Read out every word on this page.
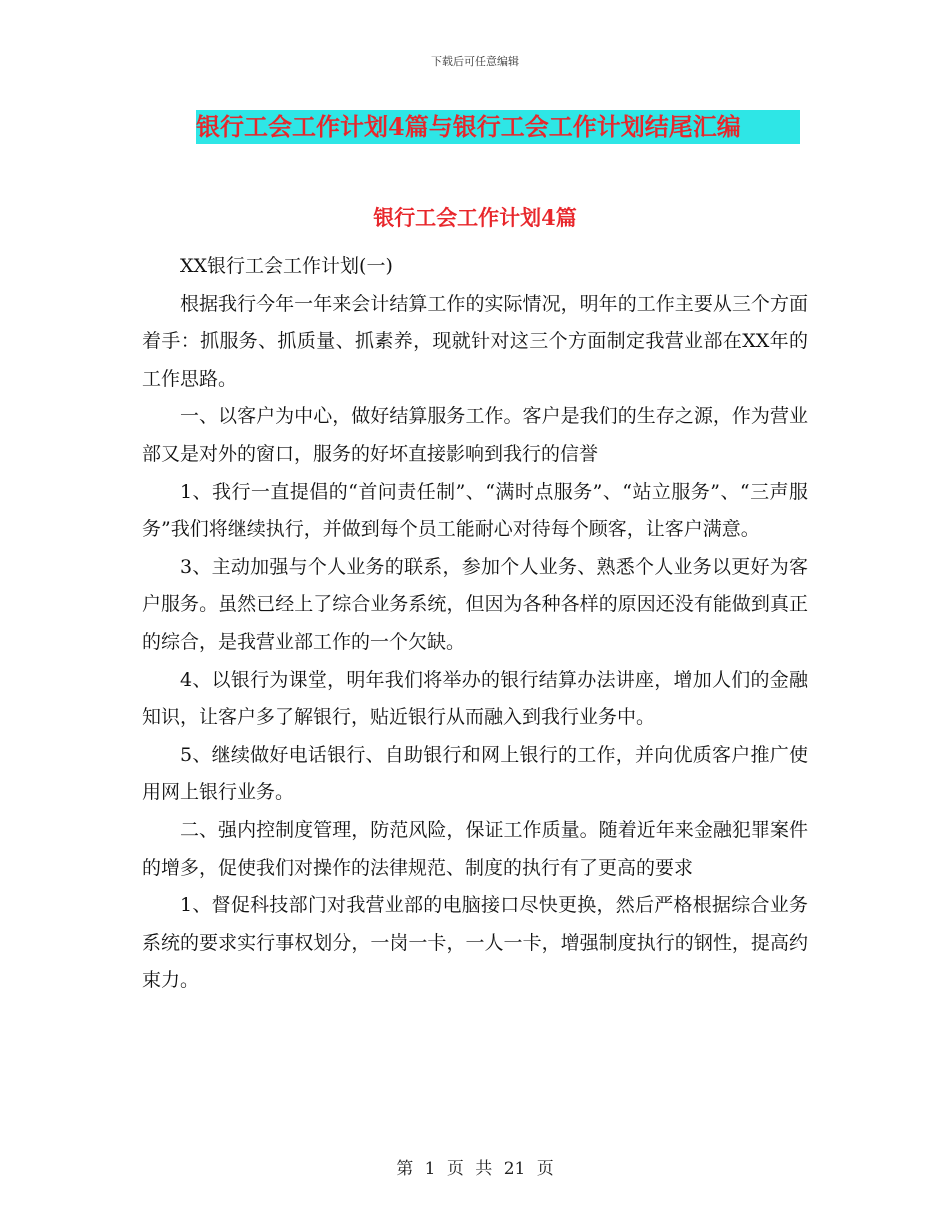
下载后可任意编辑
银行工会工作计划4篇与银行工会工作计划结尾汇编
银行工会工作计划4篇

XX银行工会工作计划(一)

根据我行今年一年来会计结算工作的实际情况，明年的工作主要从三个方面着手：抓服务、抓质量、抓素养，现就针对这三个方面制定我营业部在XX年的工作思路。

一、以客户为中心，做好结算服务工作。客户是我们的生存之源，作为营业部又是对外的窗口，服务的好坏直接影响到我行的信誉

1、我行一直提倡的“首问责任制”、“满时点服务”、“站立服务”、“三声服务”我们将继续执行，并做到每个员工能耐心对待每个顾客，让客户满意。

3、主动加强与个人业务的联系，参加个人业务、熟悉个人业务以更好为客户服务。虽然已经上了综合业务系统，但因为各种各样的原因还没有能做到真正的综合，是我营业部工作的一个欠缺。

4、以银行为课堂，明年我们将举办的银行结算办法讲座，增加人们的金融知识，让客户多了解银行，贴近银行从而融入到我行业务中。

5、继续做好电话银行、自助银行和网上银行的工作，并向优质客户推广使用网上银行业务。

二、强内控制度管理，防范风险，保证工作质量。随着近年来金融犯罪案件的增多，促使我们对操作的法律规范、制度的执行有了更高的要求

1、督促科技部门对我营业部的电脑接口尽快更换，然后严格根据综合业务系统的要求实行事权划分，一岗一卡，一人一卡，增强制度执行的钢性，提高约束力。

第 1 页 共 21 页
